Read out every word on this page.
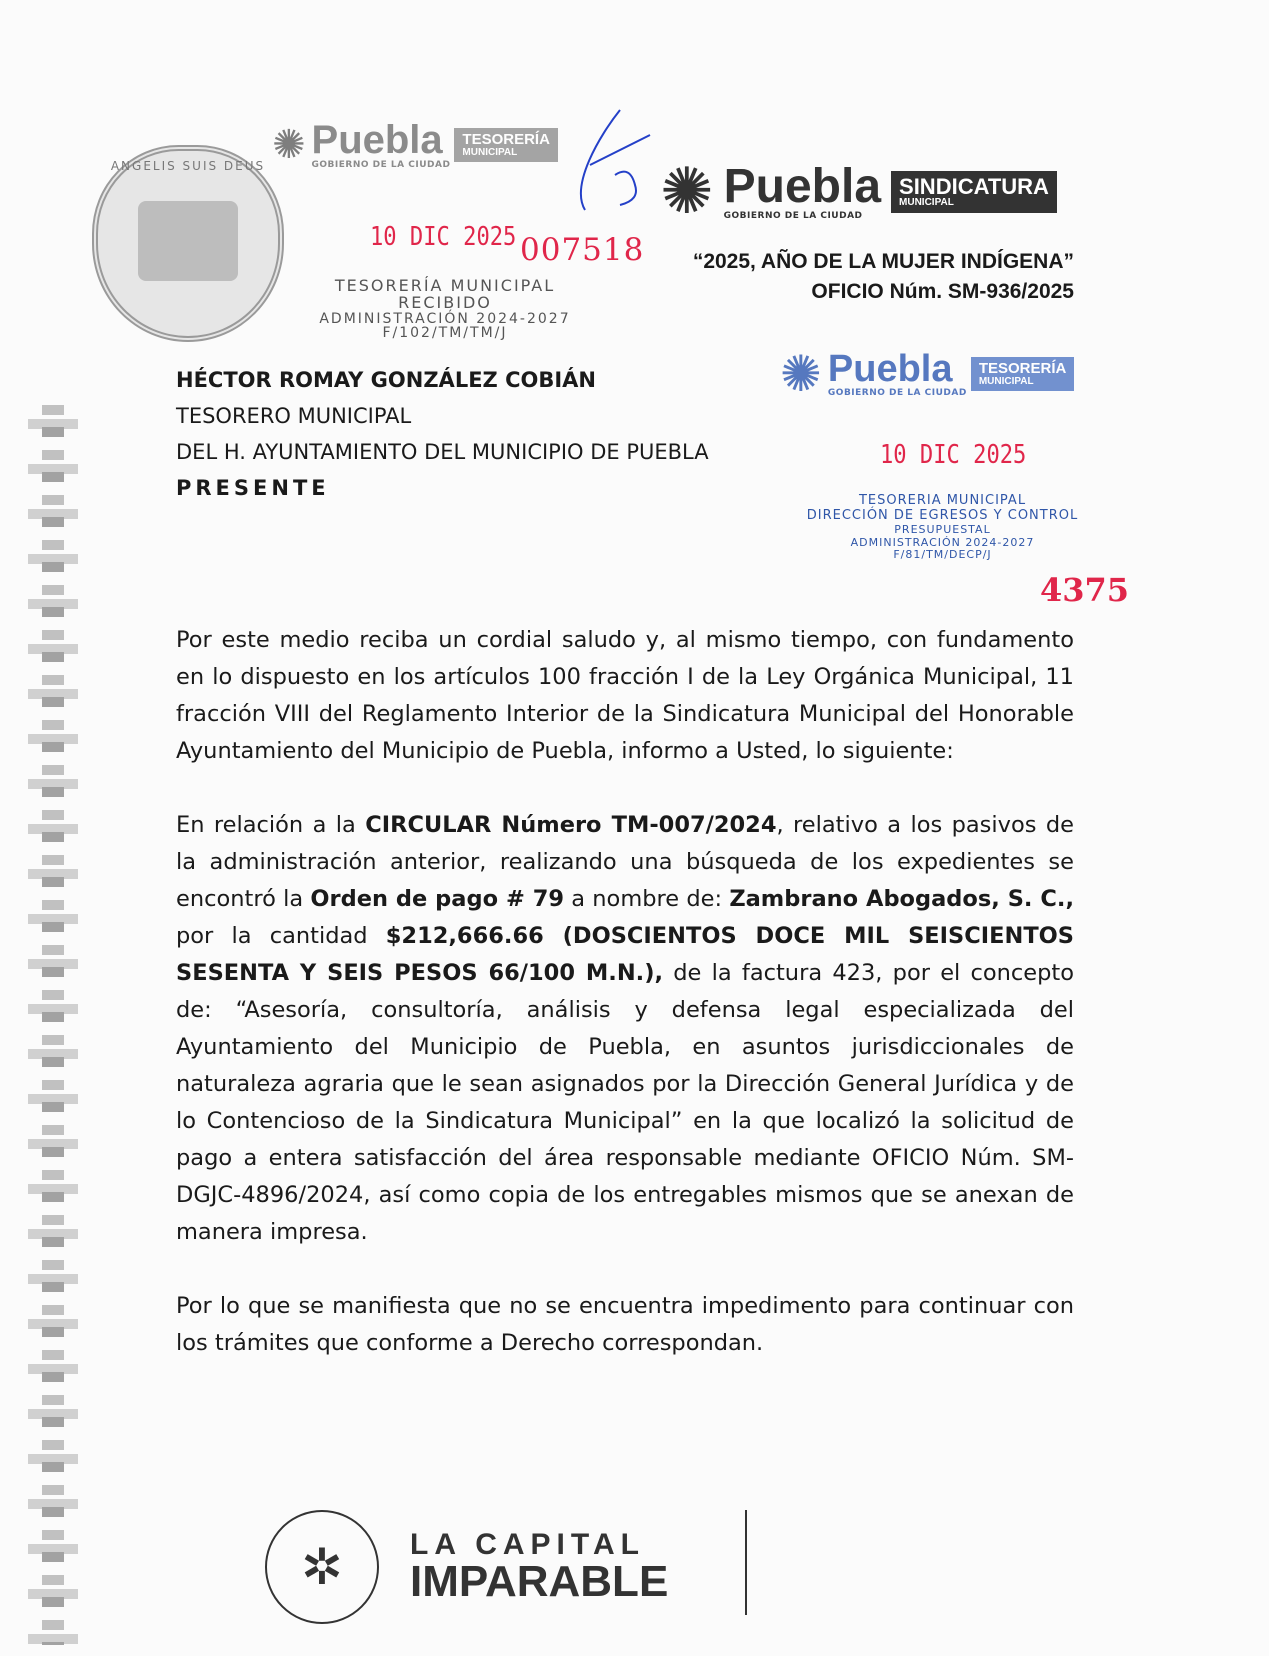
ANGELIS SUIS DEUS ✺ Puebla
GOBIERNO DE LA CIUDAD
TESORERÍA
MUNICIPAL
10 DIC 2025 007518
TESORERÍA MUNICIPAL
RECIBIDO
ADMINISTRACIÓN 2024-2027
F/102/TM/TM/J
✺ Puebla
GOBIERNO DE LA CIUDAD
SINDICATURA
MUNICIPAL
“2025, AÑO DE LA MUJER INDÍGENA”
OFICIO Núm. SM-936/2025
✺ Puebla
GOBIERNO DE LA CIUDAD
TESORERÍA
MUNICIPAL
10 DIC 2025
TESORERIA MUNICIPAL
DIRECCIÓN DE EGRESOS Y CONTROL
PRESUPUESTAL
ADMINISTRACIÓN 2024-2027
F/81/TM/DECP/J
4375
HÉCTOR ROMAY GONZÁLEZ COBIÁN
TESORERO MUNICIPAL
DEL H. AYUNTAMIENTO DEL MUNICIPIO DE PUEBLA
PRESENTE

Por este medio reciba un cordial saludo y, al mismo tiempo, con fundamento en lo dispuesto en los artículos 100 fracción I de la Ley Orgánica Municipal, 11 fracción VIII del Reglamento Interior de la Sindicatura Municipal del Honorable Ayuntamiento del Municipio de Puebla, informo a Usted, lo siguiente:

En relación a la CIRCULAR Número TM-007/2024, relativo a los pasivos de la administración anterior, realizando una búsqueda de los expedientes se encontró la Orden de pago # 79 a nombre de: Zambrano Abogados, S. C., por la cantidad $212,666.66 (DOSCIENTOS DOCE MIL SEISCIENTOS SESENTA Y SEIS PESOS 66/100 M.N.), de la factura 423, por el concepto de: “Asesoría, consultoría, análisis y defensa legal especializada del Ayuntamiento del Municipio de Puebla, en asuntos jurisdiccionales de naturaleza agraria que le sean asignados por la Dirección General Jurídica y de lo Contencioso de la Sindicatura Municipal” en la que localizó la solicitud de pago a entera satisfacción del área responsable mediante OFICIO Núm. SM-DGJC-4896/2024, así como copia de los entregables mismos que se anexan de manera impresa.

Por lo que se manifiesta que no se encuentra impedimento para continuar con los trámites que conforme a Derecho correspondan.

✲ LA CAPITAL
IMPARABLE
